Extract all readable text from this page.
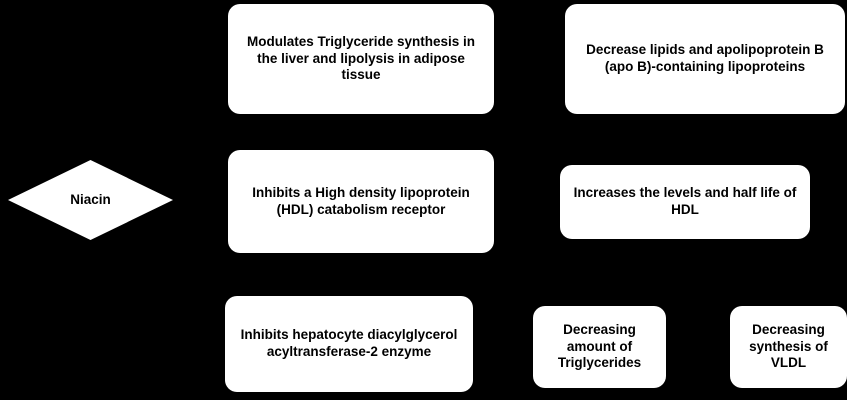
Niacin
Modulates Triglyceride synthesis in the liver and lipolysis in adipose tissue
Decrease lipids and apolipoprotein B (apo B)-containing lipoproteins
Inhibits a High density lipoprotein (HDL) catabolism receptor
Increases the levels and half life of HDL
Inhibits hepatocyte diacylglycerol acyltransferase-2 enzyme
Decreasing amount of Triglycerides
Decreasing synthesis of VLDL
